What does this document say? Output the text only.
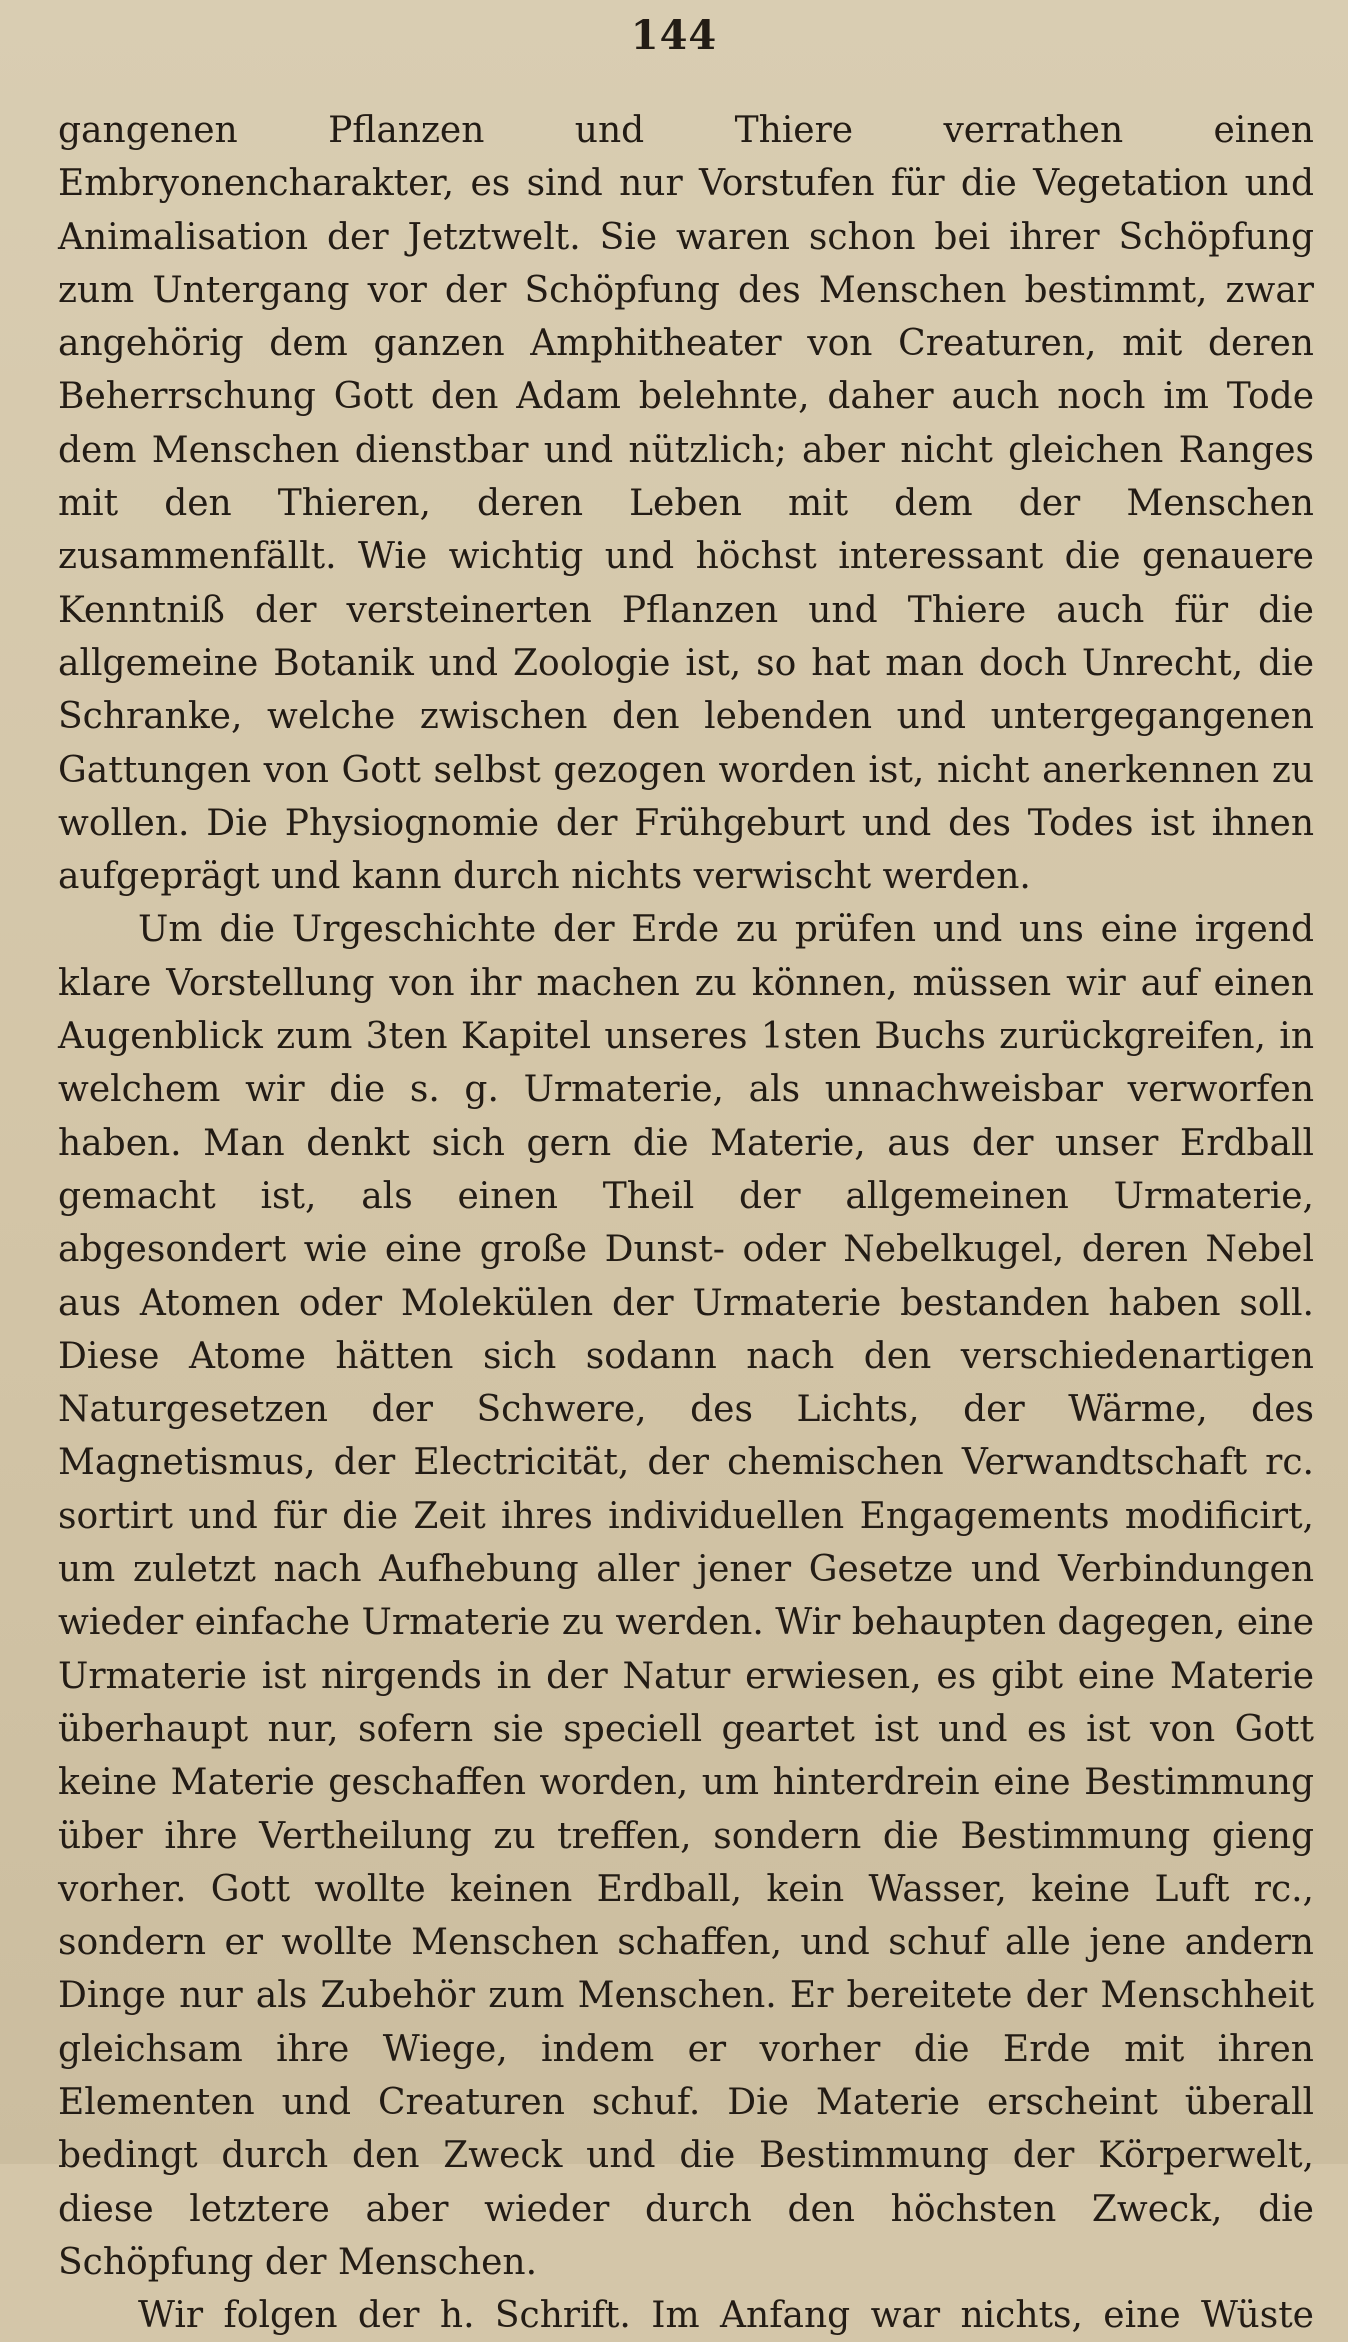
144

gangenen Pflanzen und Thiere verrathen einen Embryonencharakter, es sind nur Vorstufen für die Vegetation und Animalisation der Jetztwelt. Sie waren schon bei ihrer Schöpfung zum Untergang vor der Schöpfung des Menschen bestimmt, zwar angehörig dem ganzen Amphitheater von Creaturen, mit deren Beherrschung Gott den Adam belehnte, daher auch noch im Tode dem Menschen dienstbar und nützlich; aber nicht gleichen Ranges mit den Thieren, deren Leben mit dem der Menschen zusammenfällt. Wie wichtig und höchst interessant die genauere Kenntniß der versteinerten Pflanzen und Thiere auch für die allgemeine Botanik und Zoologie ist, so hat man doch Unrecht, die Schranke, welche zwischen den lebenden und untergegangenen Gattungen von Gott selbst gezogen worden ist, nicht anerkennen zu wollen. Die Physiognomie der Frühgeburt und des Todes ist ihnen aufgeprägt und kann durch nichts verwischt werden.

Um die Urgeschichte der Erde zu prüfen und uns eine irgend klare Vorstellung von ihr machen zu können, müssen wir auf einen Augenblick zum 3ten Kapitel unseres 1sten Buchs zurückgreifen, in welchem wir die s. g. Urmaterie, als unnachweisbar verworfen haben. Man denkt sich gern die Materie, aus der unser Erdball gemacht ist, als einen Theil der allgemeinen Urmaterie, abgesondert wie eine große Dunst- oder Nebelkugel, deren Nebel aus Atomen oder Molekülen der Urmaterie bestanden haben soll. Diese Atome hätten sich sodann nach den verschiedenartigen Naturgesetzen der Schwere, des Lichts, der Wärme, des Magnetismus, der Electricität, der chemischen Verwandtschaft rc. sortirt und für die Zeit ihres individuellen Engagements modificirt, um zuletzt nach Aufhebung aller jener Gesetze und Verbindungen wieder einfache Urmaterie zu werden. Wir behaupten dagegen, eine Urmaterie ist nirgends in der Natur erwiesen, es gibt eine Materie überhaupt nur, sofern sie speciell geartet ist und es ist von Gott keine Materie geschaffen worden, um hinterdrein eine Bestimmung über ihre Vertheilung zu treffen, sondern die Bestimmung gieng vorher. Gott wollte keinen Erdball, kein Wasser, keine Luft rc., sondern er wollte Menschen schaffen, und schuf alle jene andern Dinge nur als Zubehör zum Menschen. Er bereitete der Menschheit gleichsam ihre Wiege, indem er vorher die Erde mit ihren Elementen und Creaturen schuf. Die Materie erscheint überall bedingt durch den Zweck und die Bestimmung der Körperwelt, diese letztere aber wieder durch den höchsten Zweck, die Schöpfung der Menschen.

Wir folgen der h. Schrift. Im Anfang war nichts, eine Wüste
